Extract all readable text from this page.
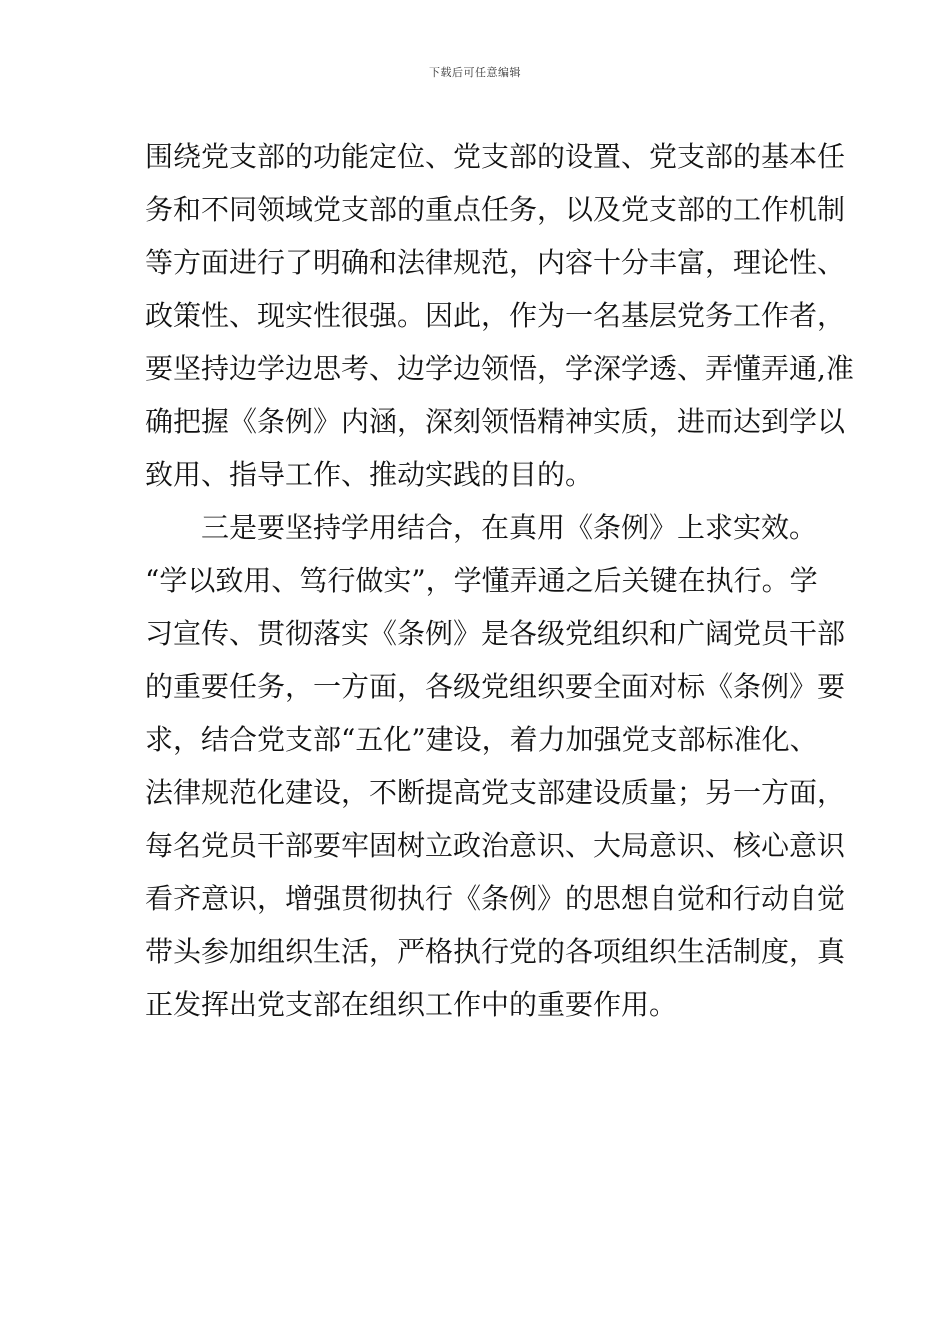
下载后可任意编辑
围绕党支部的功能定位、党支部的设置、党支部的基本任
务和不同领域党支部的重点任务，以及党支部的工作机制
等方面进行了明确和法律规范，内容十分丰富，理论性、
政策性、现实性很强。因此，作为一名基层党务工作者，
要坚持边学边思考、边学边领悟，学深学透、弄懂弄通,准
确把握《条例》内涵，深刻领悟精神实质，进而达到学以
致用、指导工作、推动实践的目的。
三是要坚持学用结合，在真用《条例》上求实效。
“学以致用、笃行做实”，学懂弄通之后关键在执行。学
习宣传、贯彻落实《条例》是各级党组织和广阔党员干部
的重要任务，一方面，各级党组织要全面对标《条例》要
求，结合党支部“五化”建设，着力加强党支部标准化、
法律规范化建设，不断提高党支部建设质量；另一方面，
每名党员干部要牢固树立政治意识、大局意识、核心意识
看齐意识，增强贯彻执行《条例》的思想自觉和行动自觉
带头参加组织生活，严格执行党的各项组织生活制度，真
正发挥出党支部在组织工作中的重要作用。
